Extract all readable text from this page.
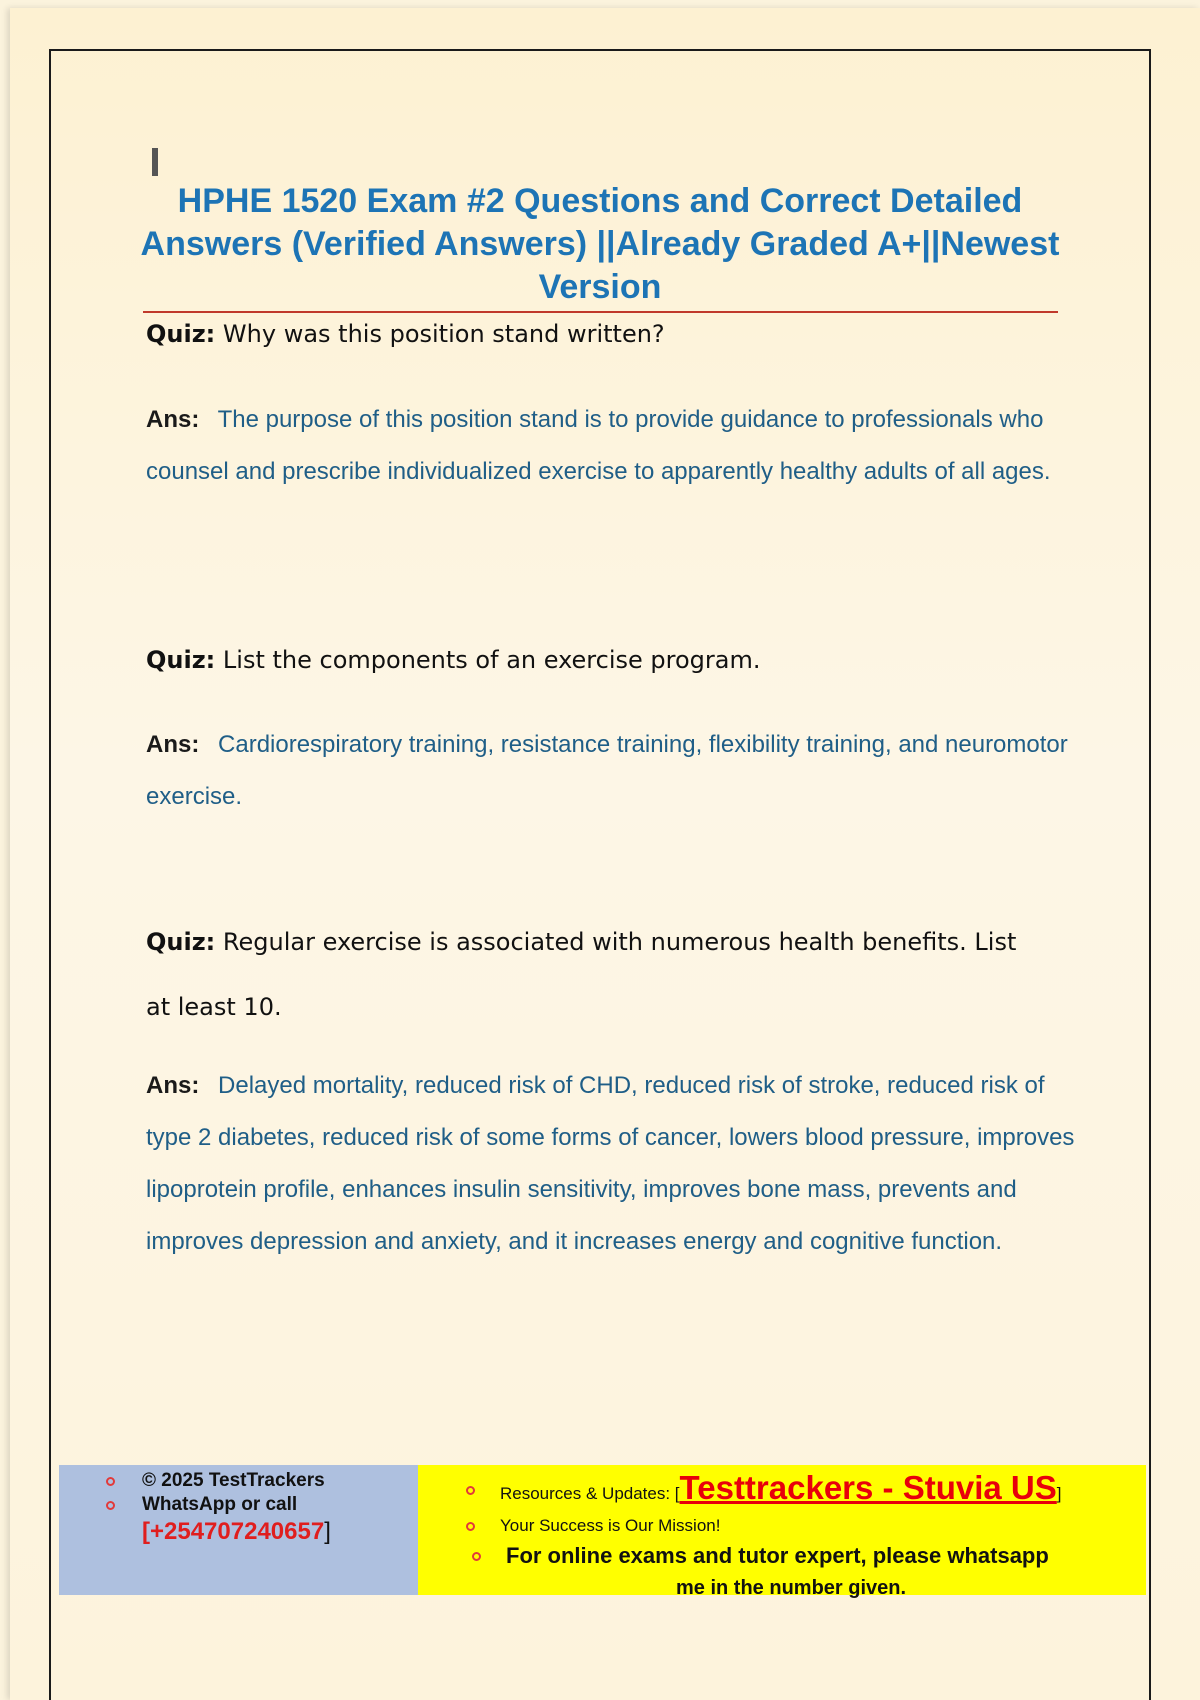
HPHE 1520 Exam #2 Questions and Correct Detailed Answers (Verified Answers) ||Already Graded A+||Newest Version

Quiz: Why was this position stand written?

Ans: The purpose of this position stand is to provide guidance to professionals who counsel and prescribe individualized exercise to apparently healthy adults of all ages.

Quiz: List the components of an exercise program.

Ans: Cardiorespiratory training, resistance training, flexibility training, and neuromotor exercise.

Quiz: Regular exercise is associated with numerous health benefits. List at least 10.

Ans: Delayed mortality, reduced risk of CHD, reduced risk of stroke, reduced risk of type 2 diabetes, reduced risk of some forms of cancer, lowers blood pressure, improves lipoprotein profile, enhances insulin sensitivity, improves bone mass, prevents and improves depression and anxiety, and it increases energy and cognitive function.

© 2025 TestTrackers
WhatsApp or call
[+254707240657]
Resources & Updates: [Testtrackers - Stuvia US]
Your Success is Our Mission!
For online exams and tutor expert, please whatsapp
me in the number given.
